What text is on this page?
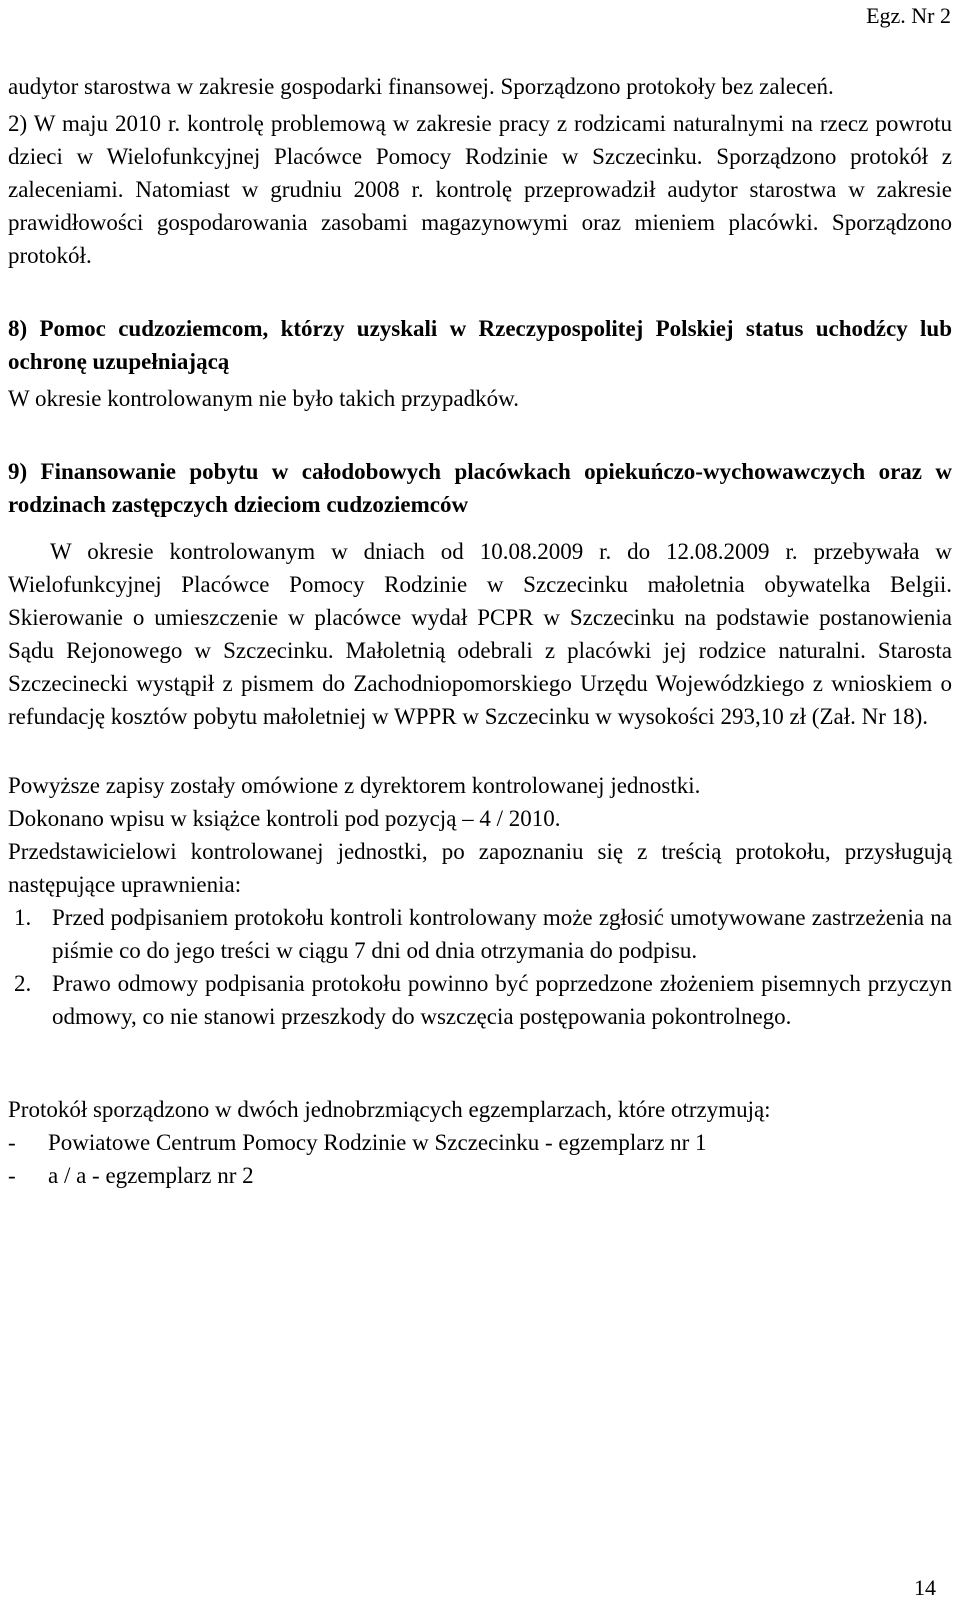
Egz. Nr 2

audytor starostwa w zakresie gospodarki finansowej. Sporządzono protokoły bez zaleceń.

2) W maju 2010 r. kontrolę problemową w zakresie pracy z rodzicami naturalnymi na rzecz powrotu dzieci w Wielofunkcyjnej Placówce Pomocy Rodzinie w Szczecinku. Sporządzono protokół z zaleceniami. Natomiast w grudniu 2008 r. kontrolę przeprowadził audytor starostwa w zakresie prawidłowości gospodarowania zasobami magazynowymi oraz mieniem placówki. Sporządzono protokół.

8) Pomoc cudzoziemcom, którzy uzyskali w Rzeczypospolitej Polskiej status uchodźcy lub ochronę uzupełniającą

W okresie kontrolowanym nie było takich przypadków.

9) Finansowanie pobytu w całodobowych placówkach opiekuńczo-wychowawczych oraz w rodzinach zastępczych dzieciom cudzoziemców

W okresie kontrolowanym w dniach od 10.08.2009 r. do 12.08.2009 r. przebywała w Wielofunkcyjnej Placówce Pomocy Rodzinie w Szczecinku małoletnia obywatelka Belgii. Skierowanie o umieszczenie w placówce wydał PCPR w Szczecinku na podstawie postanowienia Sądu Rejonowego w Szczecinku. Małoletnią odebrali z placówki jej rodzice naturalni. Starosta Szczecinecki wystąpił z pismem do Zachodniopomorskiego Urzędu Wojewódzkiego z wnioskiem o refundację kosztów pobytu małoletniej w WPPR w Szczecinku w wysokości 293,10 zł (Zał. Nr 18).

Powyższe zapisy zostały omówione z dyrektorem kontrolowanej jednostki.

Dokonano wpisu w książce kontroli pod pozycją – 4 / 2010.

Przedstawicielowi kontrolowanej jednostki, po zapoznaniu się z treścią protokołu, przysługują następujące uprawnienia:

1. Przed podpisaniem protokołu kontroli kontrolowany może zgłosić umotywowane zastrzeżenia na piśmie co do jego treści w ciągu 7 dni od dnia otrzymania do podpisu.
2. Prawo odmowy podpisania protokołu powinno być poprzedzone złożeniem pisemnych przyczyn odmowy, co nie stanowi przeszkody do wszczęcia postępowania pokontrolnego.

Protokół sporządzono w dwóch jednobrzmiących egzemplarzach, które otrzymują:

- Powiatowe Centrum Pomocy Rodzinie w Szczecinku - egzemplarz nr 1
- a / a - egzemplarz nr 2
14
